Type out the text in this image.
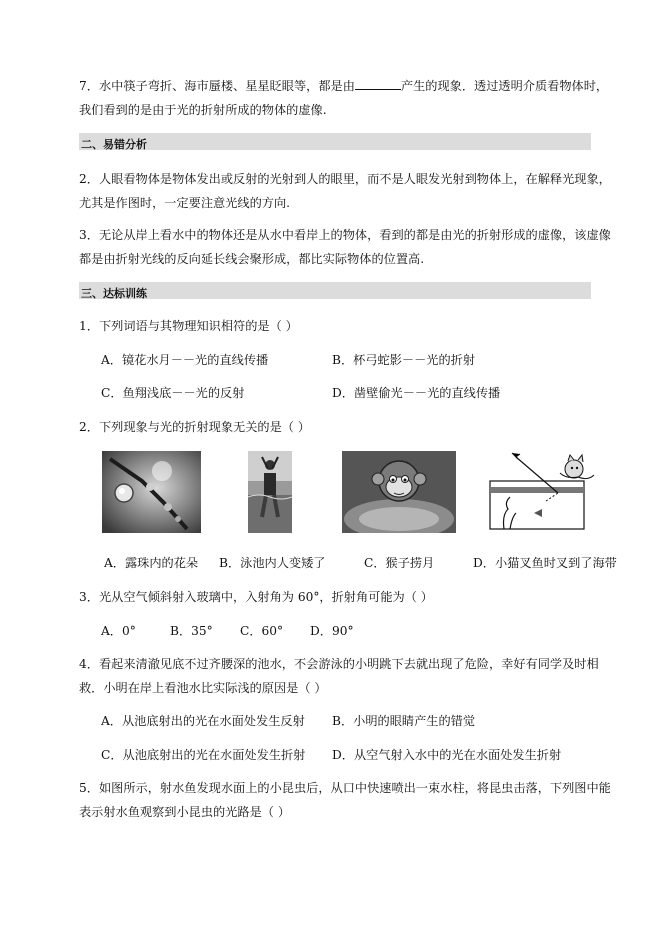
7．水中筷子弯折、海市蜃楼、星星眨眼等，都是由	产生的现象．透过透明介质看物体时，
我们看到的是由于光的折射所成的物体的虚像.
二、易错分析
2．人眼看物体是物体发出或反射的光射到人的眼里，而不是人眼发光射到物体上，在解释光现象，
尤其是作图时，一定要注意光线的方向.
3．无论从岸上看水中的物体还是从水中看岸上的物体，看到的都是由光的折射形成的虚像，该虚像
都是由折射光线的反向延长线会聚形成，都比实际物体的位置高.
三、达标训练
1．下列词语与其物理知识相符的是（ ）
A．镜花水月－－光的直线传播	B．杯弓蛇影－－光的折射
C．鱼翔浅底－－光的反射	D．凿壁偷光－－光的直线传播
2．下列现象与光的折射现象无关的是（ ）
A．露珠内的花朵 B．泳池内人变矮了	C．猴子捞月	D．小猫叉鱼时叉到了海带
3．光从空气倾斜射入玻璃中，入射角为 60°，折射角可能为（ ）
A．0°	B．35° C．60° D．90°
4．看起来清澈见底不过齐腰深的池水，不会游泳的小明跳下去就出现了危险，幸好有同学及时相
救．小明在岸上看池水比实际浅的原因是（ ）
A．从池底射出的光在水面处发生反射 B．小明的眼睛产生的错觉
C．从池底射出的光在水面处发生折射 D．从空气射入水中的光在水面处发生折射
5．如图所示，射水鱼发现水面上的小昆虫后，从口中快速喷出一束水柱，将昆虫击落，下列图中能
表示射水鱼观察到小昆虫的光路是（ ）
